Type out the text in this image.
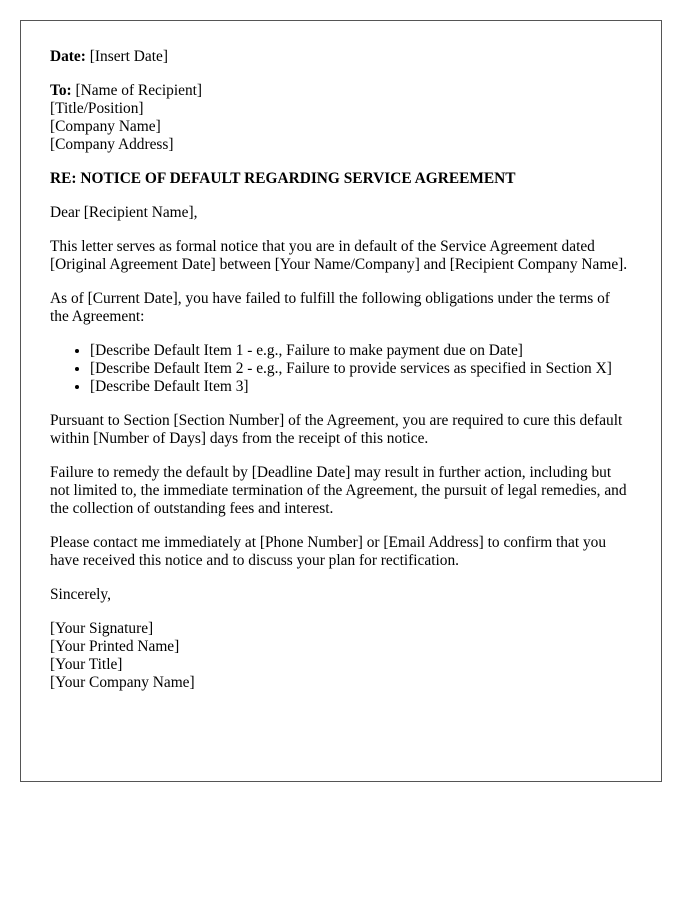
Date: [Insert Date]

To: [Name of Recipient]
[Title/Position]
[Company Name]
[Company Address]

RE: NOTICE OF DEFAULT REGARDING SERVICE AGREEMENT

Dear [Recipient Name],

This letter serves as formal notice that you are in default of the Service Agreement dated [Original Agreement Date] between [Your Name/Company] and [Recipient Company Name].

As of [Current Date], you have failed to fulfill the following obligations under the terms of the Agreement:

• [Describe Default Item 1 - e.g., Failure to make payment due on Date]
• [Describe Default Item 2 - e.g., Failure to provide services as specified in Section X]
• [Describe Default Item 3]

Pursuant to Section [Section Number] of the Agreement, you are required to cure this default within [Number of Days] days from the receipt of this notice.

Failure to remedy the default by [Deadline Date] may result in further action, including but not limited to, the immediate termination of the Agreement, the pursuit of legal remedies, and the collection of outstanding fees and interest.

Please contact me immediately at [Phone Number] or [Email Address] to confirm that you have received this notice and to discuss your plan for rectification.

Sincerely,

[Your Signature]
[Your Printed Name]
[Your Title]
[Your Company Name]
